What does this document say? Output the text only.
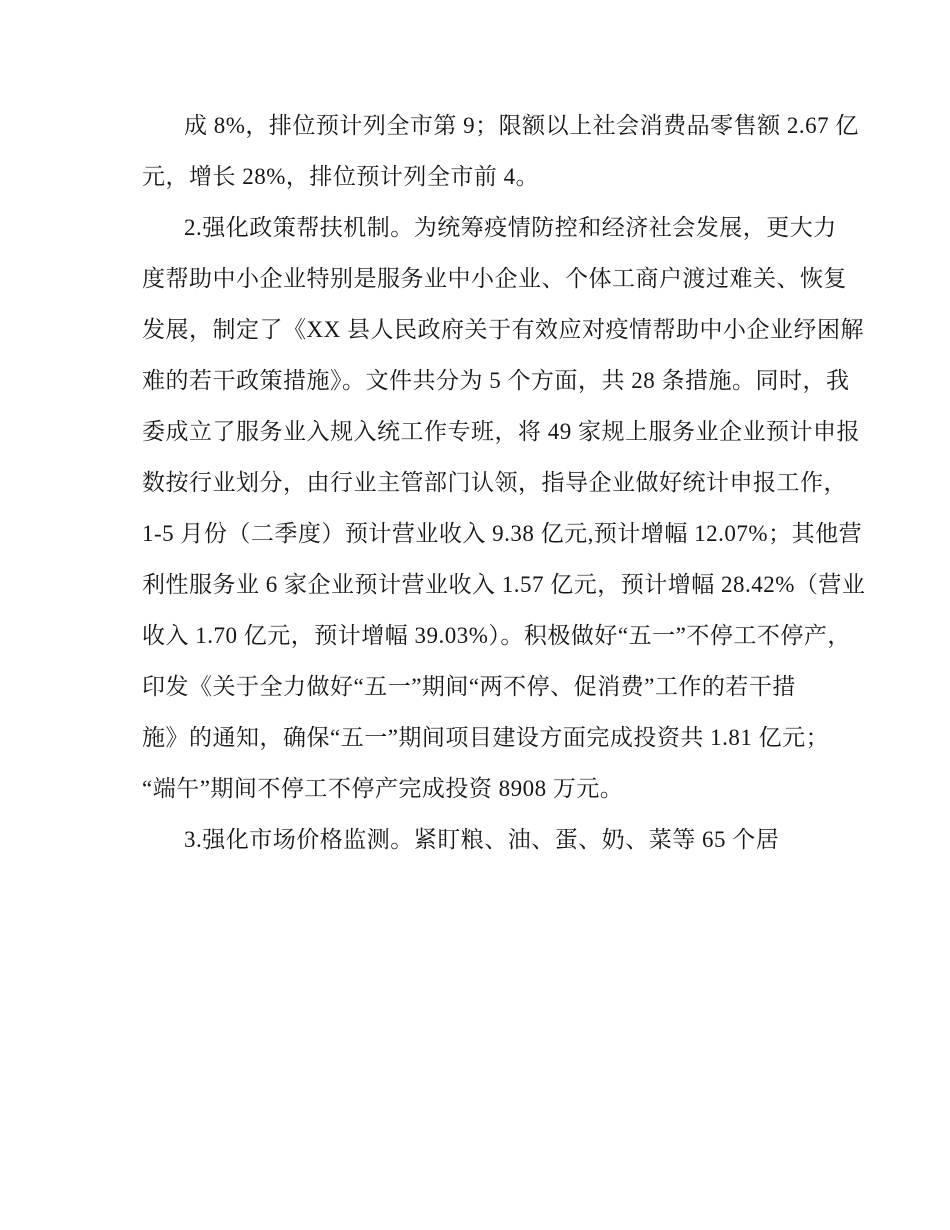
成 8%，排位预计列全市第 9；限额以上社会消费品零售额 2.67 亿
元，增长 28%，排位预计列全市前 4。
2.强化政策帮扶机制。为统筹疫情防控和经济社会发展，更大力
度帮助中小企业特别是服务业中小企业、个体工商户渡过难关、恢复
发展，制定了《XX 县人民政府关于有效应对疫情帮助中小企业纾困解
难的若干政策措施》。文件共分为 5 个方面，共 28 条措施。同时，我
委成立了服务业入规入统工作专班，将 49 家规上服务业企业预计申报
数按行业划分，由行业主管部门认领，指导企业做好统计申报工作，
1-5 月份（二季度）预计营业收入 9.38 亿元,预计增幅 12.07%；其他营
利性服务业 6 家企业预计营业收入 1.57 亿元，预计增幅 28.42%（营业
收入 1.70 亿元，预计增幅 39.03%）。积极做好“五一”不停工不停产，
印发《关于全力做好“五一”期间“两不停、促消费”工作的若干措
施》的通知，确保“五一”期间项目建设方面完成投资共 1.81 亿元；
“端午”期间不停工不停产完成投资 8908 万元。
3.强化市场价格监测。紧盯粮、油、蛋、奶、菜等 65 个居
